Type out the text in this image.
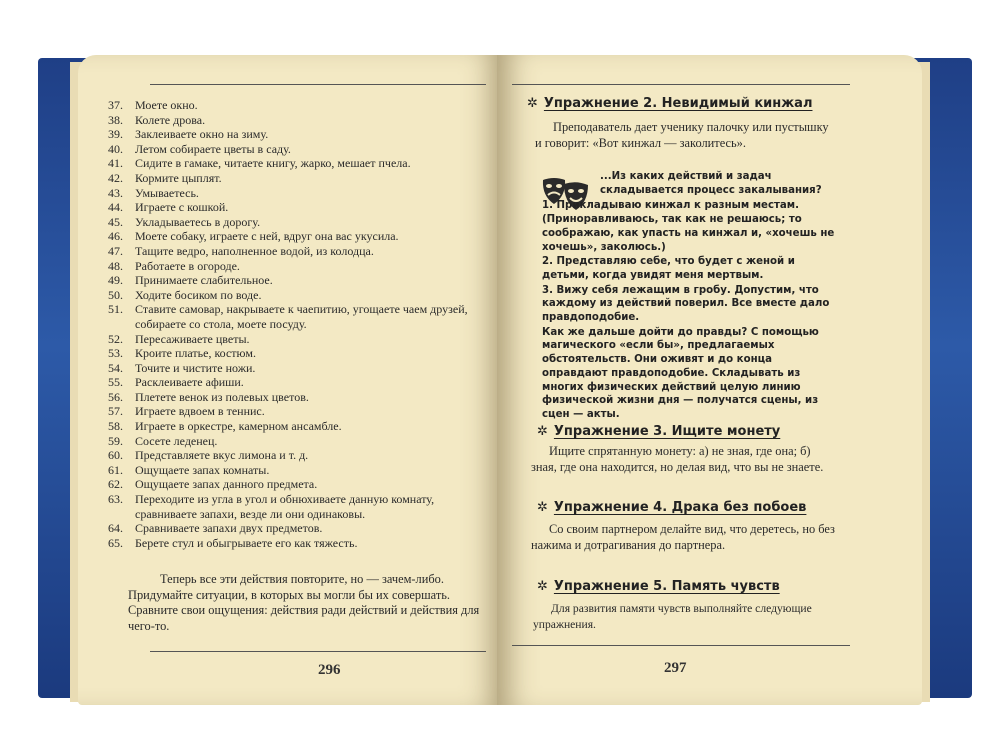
37.	Моете окно.
38.	Колете дрова.
39.	Заклеиваете окно на зиму.
40.	Летом собираете цветы в саду.
41.	Сидите в гамаке, читаете книгу, жарко, мешает пчела.
42.	Кормите цыплят.
43.	Умываетесь.
44.	Играете с кошкой.
45.	Укладываетесь в дорогу.
46.	Моете собаку, играете с ней, вдруг она вас укусила.
47.	Тащите ведро, наполненное водой, из колодца.
48.	Работаете в огороде.
49.	Принимаете слабительное.
50.	Ходите босиком по воде.
51.	Ставите самовар, накрываете к чаепитию, угощаете чаем друзей, собираете со стола, моете посуду.
52.	Пересаживаете цветы.
53.	Кроите платье, костюм.
54.	Точите и чистите ножи.
55.	Расклеиваете афиши.
56.	Плетете венок из полевых цветов.
57.	Играете вдвоем в теннис.
58.	Играете в оркестре, камерном ансамбле.
59.	Сосете леденец.
60.	Представляете вкус лимона и т. д.
61.	Ощущаете запах комнаты.
62.	Ощущаете запах данного предмета.
63.	Переходите из угла в угол и обнюхиваете данную комнату, сравниваете запахи, везде ли они одинаковы.
64.	Сравниваете запахи двух предметов.
65.	Берете стул и обыгрываете его как тяжесть.

Теперь все эти действия повторите, но — зачем-либо. Придумайте ситуации, в которых вы могли бы их совершать. Сравните свои ощущения: действия ради действий и действия для чего-то.

296
✲ Упражнение 2. Невидимый кинжал

Преподаватель дает ученику палочку или пустышку и говорит: «Вот кинжал — заколитесь».

...Из каких действий и задач складывается процесс закалывания?

1. Прикладываю кинжал к разным местам. (Приноравливаюсь, так как не решаюсь; то соображаю, как упасть на кинжал и, «хочешь не хочешь», заколюсь.)

2. Представляю себе, что будет с женой и детьми, когда увидят меня мертвым.

3. Вижу себя лежащим в гробу. Допустим, что каждому из действий поверил. Все вместе дало правдоподобие.

Как же дальше дойти до правды? С помощью магического «если бы», предлагаемых обстоятельств. Они оживят и до конца оправдают правдоподобие. Складывать из многих физических действий целую линию физической жизни дня — получатся сцены, из сцен — акты.

✲ Упражнение 3. Ищите монету

Ищите спрятанную монету: а) не зная, где она; б) зная, где она находится, но делая вид, что вы не знаете.

✲ Упражнение 4. Драка без побоев

Со своим партнером делайте вид, что деретесь, но без нажима и дотрагивания до партнера.

✲ Упражнение 5. Память чувств

Для развития памяти чувств выполняйте следующие упражнения.

297
